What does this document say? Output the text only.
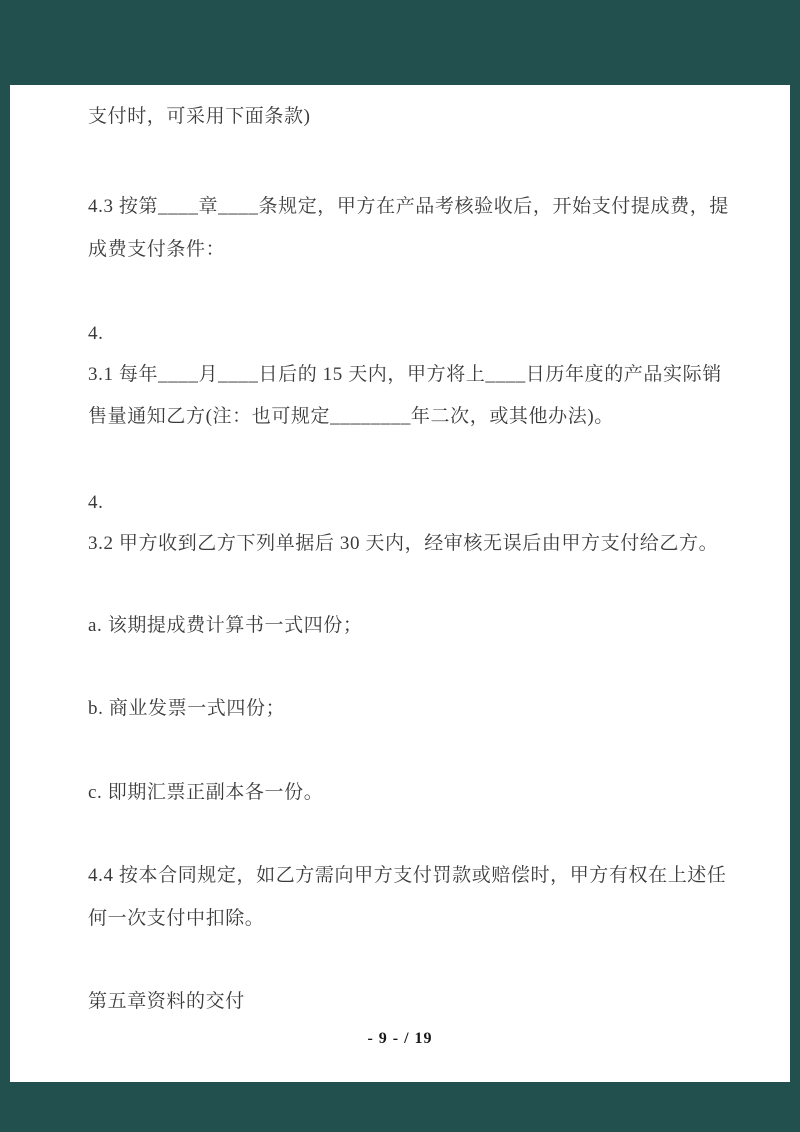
支付时，可采用下面条款)
4.3 按第____章____条规定，甲方在产品考核验收后，开始支付提成费，提
成费支付条件：
4.
3.1 每年____月____日后的 15 天内，甲方将上____日历年度的产品实际销
售量通知乙方(注：也可规定________年二次，或其他办法)。
4.
3.2 甲方收到乙方下列单据后 30 天内，经审核无误后由甲方支付给乙方。
a. 该期提成费计算书一式四份；
b. 商业发票一式四份；
c. 即期汇票正副本各一份。
4.4 按本合同规定，如乙方需向甲方支付罚款或赔偿时，甲方有权在上述任
何一次支付中扣除。
第五章资料的交付
- 9 - / 19
